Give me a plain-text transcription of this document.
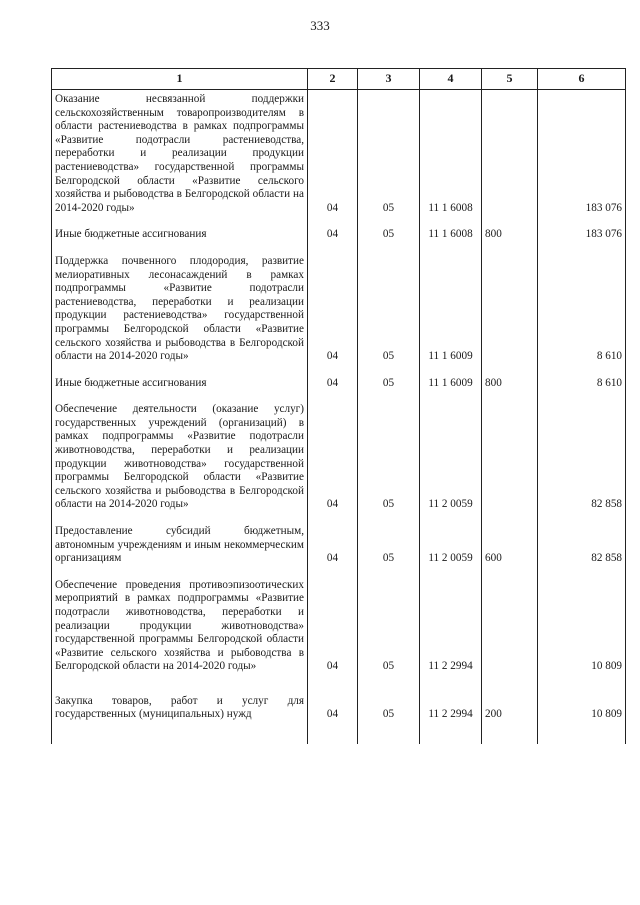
333
1	2	3	4	5	6
Оказание несвязанной поддержки сельскохозяйственным товаропроизводителям в области растениеводства в рамках подпрограммы «Развитие подотрасли растениеводства, переработки и реализации продукции растениеводства» государственной программы Белгородской области «Развитие сельского хозяйства и рыбоводства в Белгородской области на 2014-2020 годы»	04	05	11 1 6008		183 076

Иные бюджетные ассигнования	04	05	11 1 6008	800	183 076

Поддержка почвенного плодородия, развитие мелиоративных лесонасаждений в рамках подпрограммы «Развитие подотрасли растениеводства, переработки и реализации продукции растениеводства» государственной программы Белгородской области «Развитие сельского хозяйства и рыбоводства в Белгородской области на 2014-2020 годы»	04	05	11 1 6009		8 610

Иные бюджетные ассигнования	04	05	11 1 6009	800	8 610

Обеспечение деятельности (оказание услуг) государственных учреждений (организаций) в рамках подпрограммы «Развитие подотрасли животноводства, переработки и реализации продукции животноводства» государственной программы Белгородской области «Развитие сельского хозяйства и рыбоводства в Белгородской области на 2014-2020 годы»	04	05	11 2 0059		82 858

Предоставление субсидий бюджетным, автономным учреждениям и иным некоммерческим организациям	04	05	11 2 0059	600	82 858

Обеспечение проведения противоэпизоотических мероприятий в рамках подпрограммы «Развитие подотрасли животноводства, переработки и реализации продукции животноводства» государственной программы Белгородской области «Развитие сельского хозяйства и рыбоводства в Белгородской области на 2014-2020 годы»	04	05	11 2 2994		10 809

Закупка товаров, работ и услуг для государственных (муниципальных) нужд	04	05	11 2 2994	200	10 809
